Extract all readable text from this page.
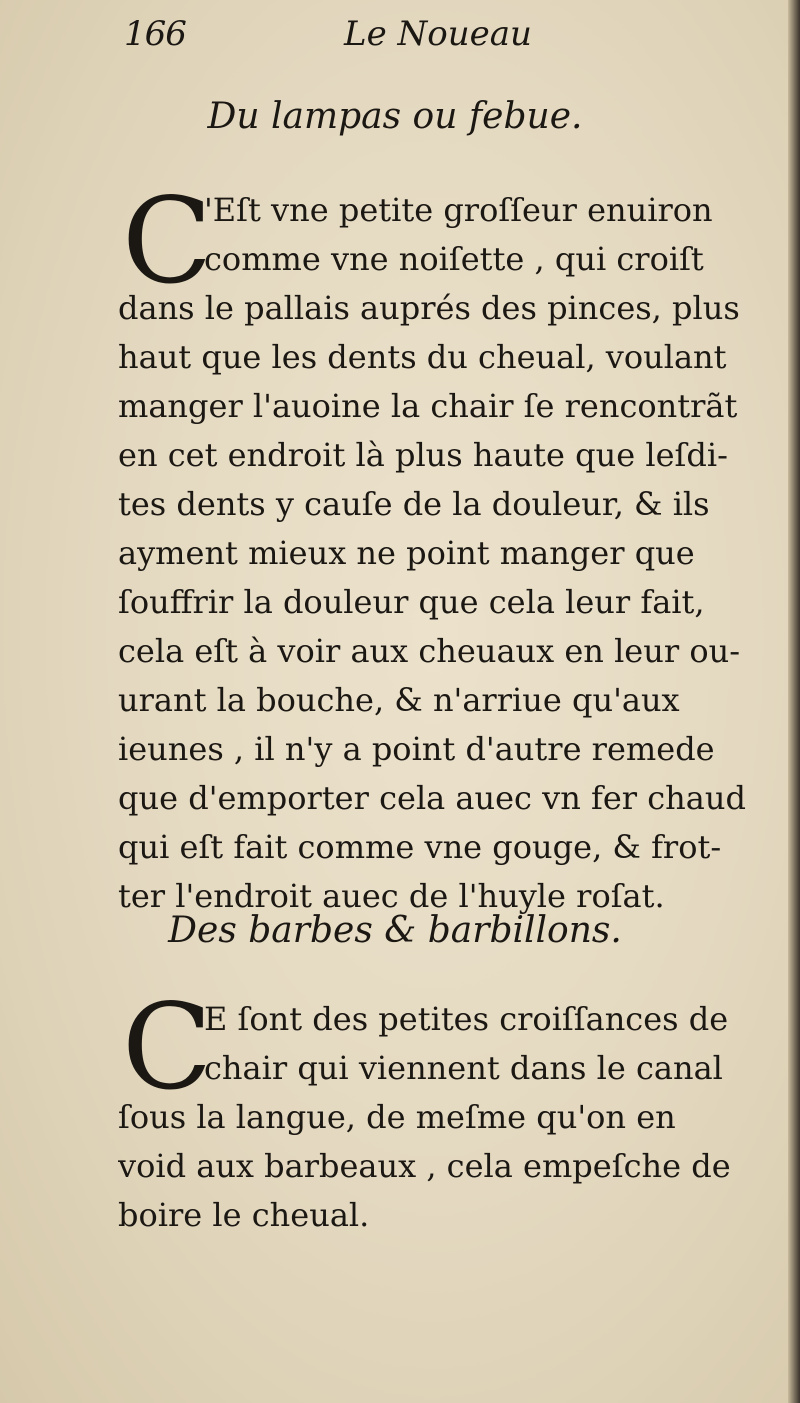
166	Le Noueau
Du lampas ou febue.
C
'Eſt vne petite groſſeur enuiron
comme vne noiſette , qui croiſt
dans le pallais auprés des pinces, plus
haut que les dents du cheual, voulant
manger l'auoine la chair ſe rencontrãt
en cet endroit là plus haute que leſdi-
tes dents y cauſe de la douleur, & ils
ayment mieux ne point manger que
ſouffrir la douleur que cela leur fait,
cela eſt à voir aux cheuaux en leur ou-
urant la bouche, & n'arriue qu'aux
ieunes , il n'y a point d'autre remede
que d'emporter cela auec vn fer chaud
qui eſt fait comme vne gouge, & frot-
ter l'endroit auec de l'huyle roſat.
Des barbes & barbillons.
C
E ſont des petites croiſſances de
chair qui viennent dans le canal
ſous la langue, de meſme qu'on en
void aux barbeaux , cela empeſche de
boire le cheual.
